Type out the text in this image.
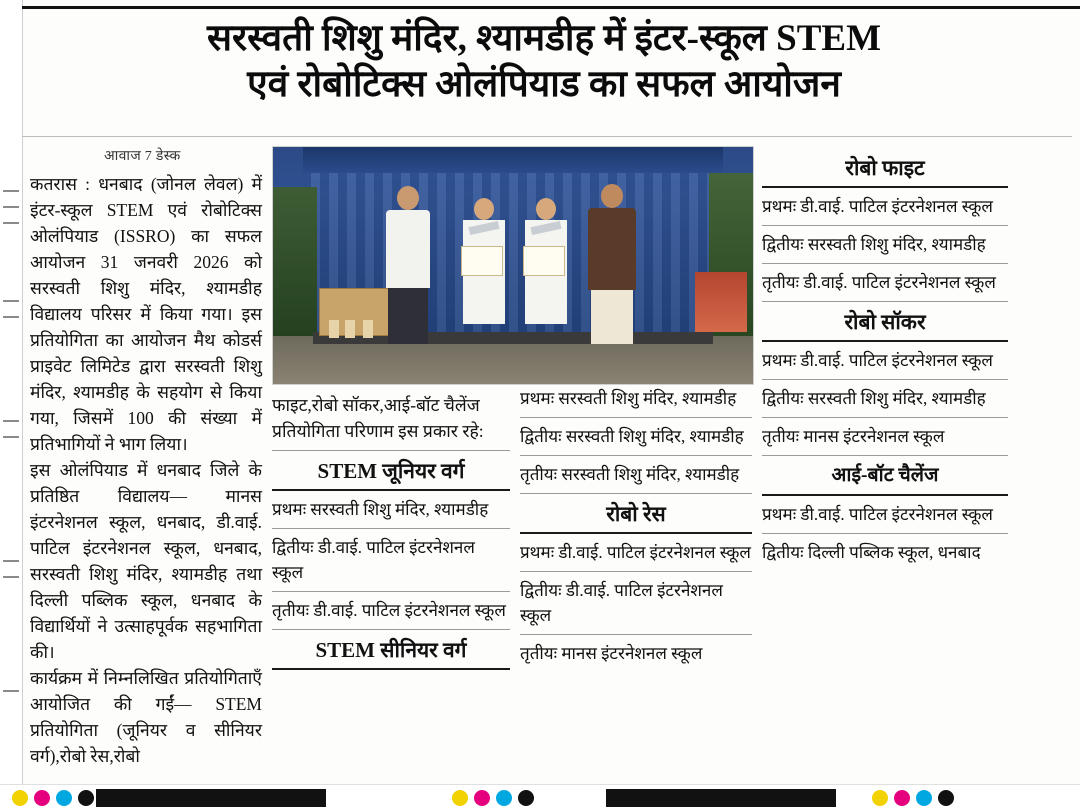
सरस्वती शिशु मंदिर, श्यामडीह में इंटर-स्कूल STEM
एवं रोबोटिक्स ओलंपियाड का सफल आयोजन
आवाज 7 डेस्क

कतरास : धनबाद (जोनल लेवल) में इंटर-स्कूल STEM एवं रोबोटिक्स ओलंपियाड (ISSRO) का सफल आयोजन 31 जनवरी 2026 को सरस्वती शिशु मंदिर, श्यामडीह विद्यालय परिसर में किया गया। इस प्रतियोगिता का आयोजन मैथ कोडर्स प्राइवेट लिमिटेड द्वारा सरस्वती शिशु मंदिर, श्यामडीह के सहयोग से किया गया, जिसमें 100 की संख्या में प्रतिभागियों ने भाग लिया।

इस ओलंपियाड में धनबाद जिले के प्रतिष्ठित विद्यालय— मानस इंटरनेशनल स्कूल, धनबाद, डी.वाई. पाटिल इंटरनेशनल स्कूल, धनबाद, सरस्वती शिशु मंदिर, श्यामडीह तथा दिल्ली पब्लिक स्कूल, धनबाद के विद्यार्थियों ने उत्साहपूर्वक सहभागिता की।

कार्यक्रम में निम्नलिखित प्रतियोगिताएँ आयोजित की गईं— STEM प्रतियोगिता (जूनियर व सीनियर वर्ग),रोबो रेस,रोबो

फाइट,रोबो सॉकर,आई-बॉट चैलेंज प्रतियोगिता परिणाम इस प्रकार रहे:
STEM जूनियर वर्ग
प्रथमः सरस्वती शिशु मंदिर, श्यामडीह
द्वितीयः डी.वाई. पाटिल इंटरनेशनल स्कूल
तृतीयः डी.वाई. पाटिल इंटरनेशनल स्कूल
STEM सीनियर वर्ग
प्रथमः सरस्वती शिशु मंदिर, श्यामडीह
द्वितीयः सरस्वती शिशु मंदिर, श्यामडीह
तृतीयः सरस्वती शिशु मंदिर, श्यामडीह
रोबो रेस
प्रथमः डी.वाई. पाटिल इंटरनेशनल स्कूल
द्वितीयः डी.वाई. पाटिल इंटरनेशनल स्कूल
तृतीयः मानस इंटरनेशनल स्कूल
रोबो फाइट
प्रथमः डी.वाई. पाटिल इंटरनेशनल स्कूल
द्वितीयः सरस्वती शिशु मंदिर, श्यामडीह
तृतीयः डी.वाई. पाटिल इंटरनेशनल स्कूल
रोबो सॉकर
प्रथमः डी.वाई. पाटिल इंटरनेशनल स्कूल
द्वितीयः सरस्वती शिशु मंदिर, श्यामडीह
तृतीयः मानस इंटरनेशनल स्कूल
आई-बॉट चैलेंज
प्रथमः डी.वाई. पाटिल इंटरनेशनल स्कूल
द्वितीयः दिल्ली पब्लिक स्कूल, धनबाद
